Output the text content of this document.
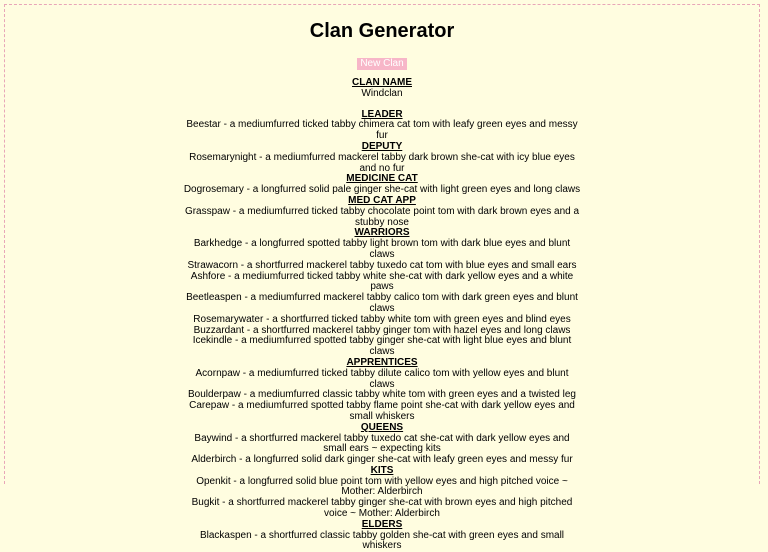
Clan Generator
New Clan
CLAN NAME
Windclan
LEADER
Beestar - a mediumfurred ticked tabby chimera cat tom with leafy green eyes and messy fur
DEPUTY
Rosemarynight - a mediumfurred mackerel tabby dark brown she-cat with icy blue eyes and no fur
MEDICINE CAT
Dogrosemary - a longfurred solid pale ginger she-cat with light green eyes and long claws
MED CAT APP
Grasspaw - a mediumfurred ticked tabby chocolate point tom with dark brown eyes and a stubby nose
WARRIORS
Barkhedge - a longfurred spotted tabby light brown tom with dark blue eyes and blunt claws
Strawacorn - a shortfurred mackerel tabby tuxedo cat tom with blue eyes and small ears
Ashfore - a mediumfurred ticked tabby white she-cat with dark yellow eyes and a white paws
Beetleaspen - a mediumfurred mackerel tabby calico tom with dark green eyes and blunt claws
Rosemarywater - a shortfurred ticked tabby white tom with green eyes and blind eyes
Buzzardant - a shortfurred mackerel tabby ginger tom with hazel eyes and long claws
Icekindle - a mediumfurred spotted tabby ginger she-cat with light blue eyes and blunt claws
APPRENTICES
Acornpaw - a mediumfurred ticked tabby dilute calico tom with yellow eyes and blunt claws
Boulderpaw - a mediumfurred classic tabby white tom with green eyes and a twisted leg
Carepaw - a mediumfurred spotted tabby flame point she-cat with dark yellow eyes and small whiskers
QUEENS
Baywind - a shortfurred mackerel tabby tuxedo cat she-cat with dark yellow eyes and small ears ~ expecting kits
Alderbirch - a longfurred solid dark ginger she-cat with leafy green eyes and messy fur
KITS
Openkit - a longfurred solid blue point tom with yellow eyes and high pitched voice ~ Mother: Alderbirch
Bugkit - a shortfurred mackerel tabby ginger she-cat with brown eyes and high pitched voice ~ Mother: Alderbirch
ELDERS
Blackaspen - a shortfurred classic tabby golden she-cat with green eyes and small whiskers
